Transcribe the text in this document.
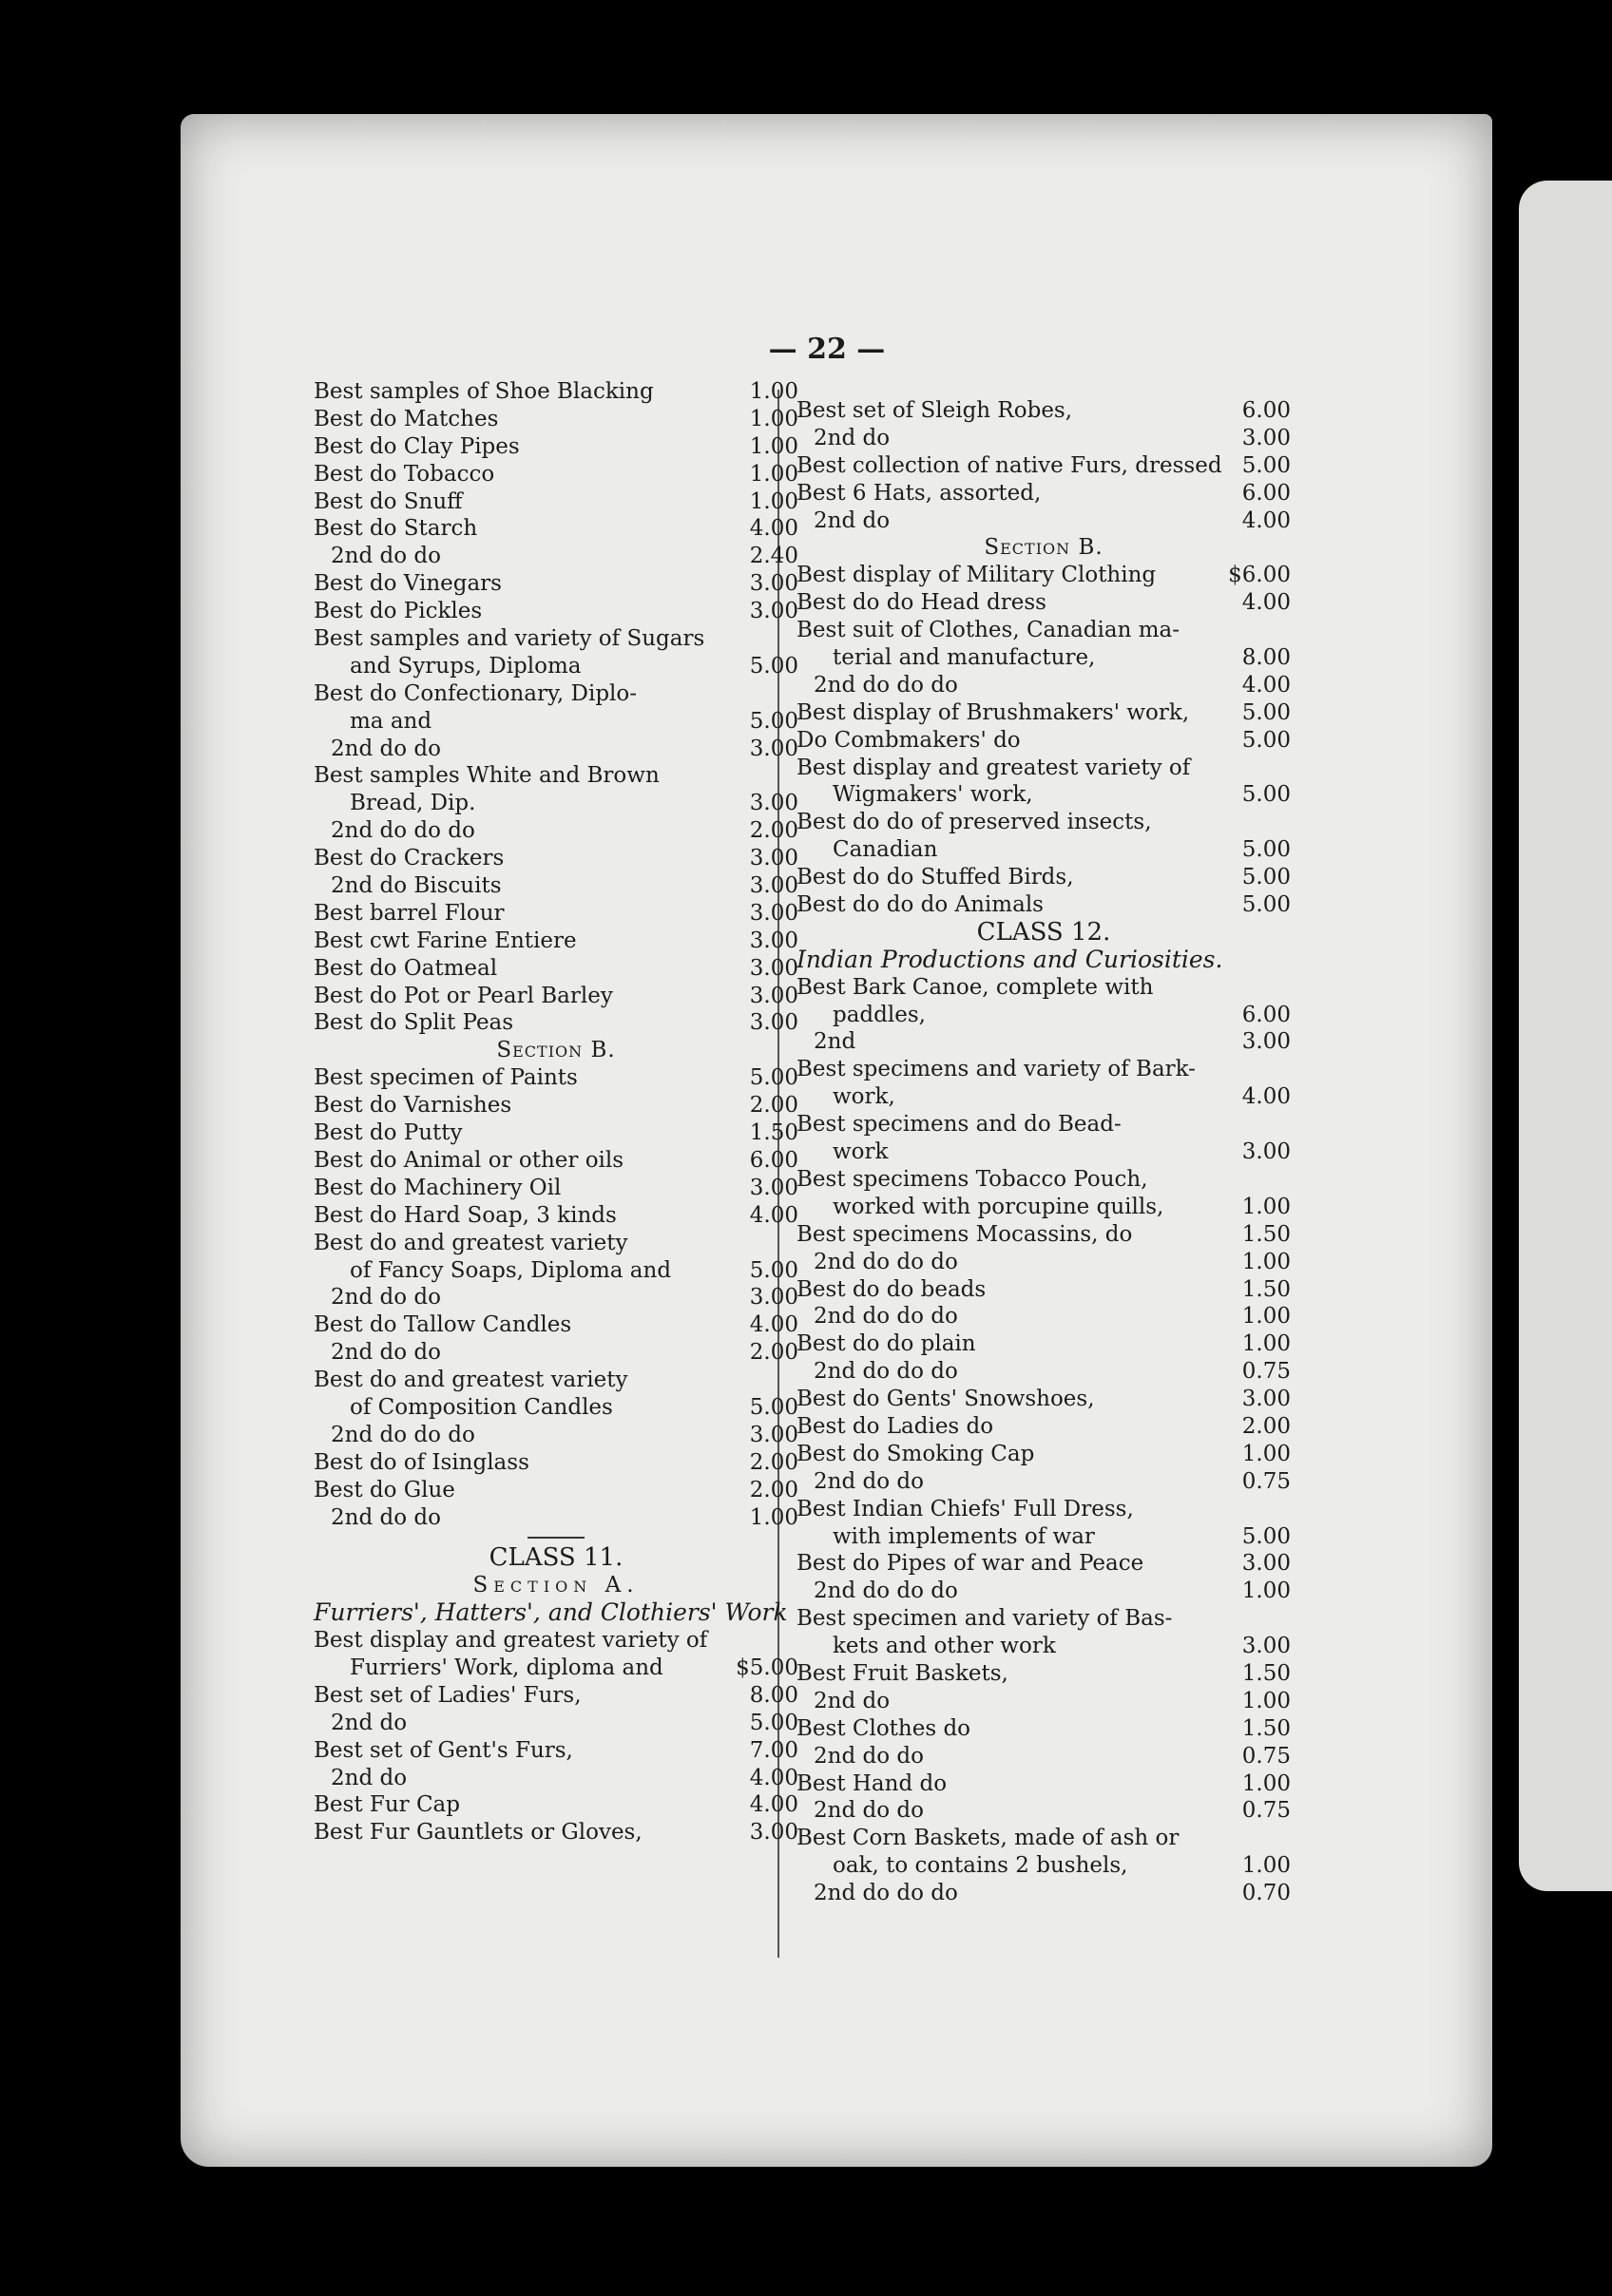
— 22 —
Best samples of Shoe Blacking	1.00
Best do Matches	1.00
Best do Clay Pipes	1.00
Best do Tobacco	1.00
Best do Snuff	1.00
Best do Starch	4.00
2nd do do	2.40
Best do Vinegars	3.00
Best do Pickles	3.00
Best samples and variety of Sugars
and Syrups, Diploma	5.00
Best do Confectionary, Diplo-
ma and	5.00
2nd do do	3.00
Best samples White and Brown
Bread, Dip.	3.00
2nd do do do	2.00
Best do Crackers	3.00
2nd do Biscuits	3.00
Best barrel Flour	3.00
Best cwt Farine Entiere	3.00
Best do Oatmeal	3.00
Best do Pot or Pearl Barley	3.00
Best do Split Peas	3.00
Section B.
Best specimen of Paints	5.00
Best do Varnishes	2.00
Best do Putty	1.50
Best do Animal or other oils	6.00
Best do Machinery Oil	3.00
Best do Hard Soap, 3 kinds	4.00
Best do and greatest variety
of Fancy Soaps, Diploma and	5.00
2nd do do	3.00
Best do Tallow Candles	4.00
2nd do do	2.00
Best do and greatest variety
of Composition Candles	5.00
2nd do do do	3.00
Best do of Isinglass	2.00
Best do Glue	2.00
2nd do do	1.00
CLASS 11.
Section A.
Furriers', Hatters', and Clothiers' Work
Best display and greatest variety of
Furriers' Work, diploma and	$5.00
Best set of Ladies' Furs,	8.00
2nd do	5.00
Best set of Gent's Furs,	7.00
2nd do	4.00
Best Fur Cap	4.00
Best Fur Gauntlets or Gloves,	3.00
Best set of Sleigh Robes,	6.00
2nd do	3.00
Best collection of native Furs, dressed 5.00
Best 6 Hats, assorted,	6.00
2nd do	4.00
Section B.
Best display of Military Clothing	$6.00
Best do do Head dress	4.00
Best suit of Clothes, Canadian ma-
terial and manufacture,	8.00
2nd do do do	4.00
Best display of Brushmakers' work, 5.00
Do Combmakers' do	5.00
Best display and greatest variety of
Wigmakers' work,	5.00
Best do do of preserved insects,
Canadian	5.00
Best do do Stuffed Birds,	5.00
Best do do do Animals	5.00
CLASS 12.
Indian Productions and Curiosities.
Best Bark Canoe, complete with
paddles,	6.00
2nd	3.00
Best specimens and variety of Bark-
work,	4.00
Best specimens and do Bead-
work	3.00
Best specimens Tobacco Pouch,
worked with porcupine quills,	1.00
Best specimens Mocassins, do	1.50
2nd do do do	1.00
Best do do beads	1.50
2nd do do do	1.00
Best do do plain	1.00
2nd do do do	0.75
Best do Gents' Snowshoes,	3.00
Best do Ladies do	2.00
Best do Smoking Cap	1.00
2nd do do	0.75
Best Indian Chiefs' Full Dress,
with implements of war	5.00
Best do Pipes of war and Peace	3.00
2nd do do do	1.00
Best specimen and variety of Bas-
kets and other work	3.00
Best Fruit Baskets,	1.50
2nd do	1.00
Best Clothes do	1.50
2nd do do	0.75
Best Hand do	1.00
2nd do do	0.75
Best Corn Baskets, made of ash or
oak, to contains 2 bushels,	1.00
2nd do do do	0.70
